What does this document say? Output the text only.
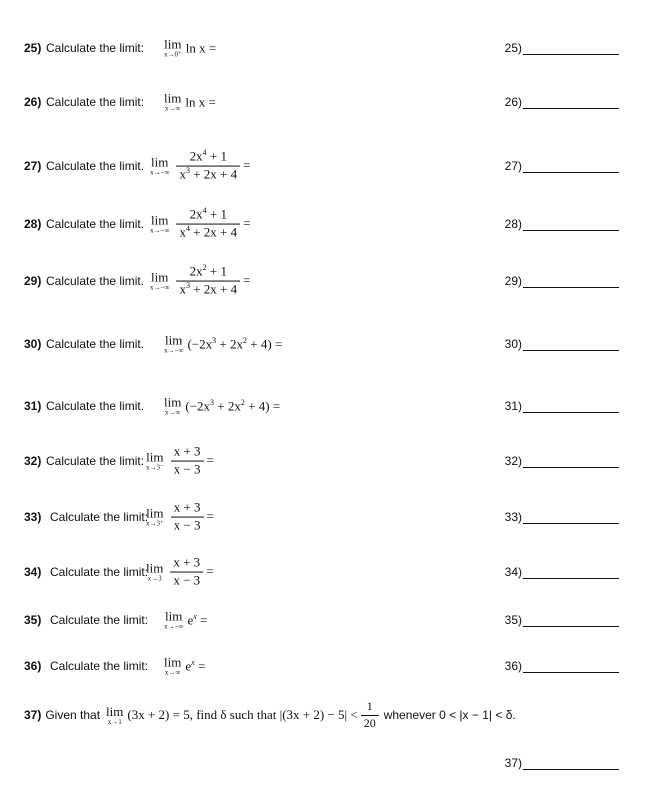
25) Calculate the limit: lim
x→0⁺ ln x =	25)
26) Calculate the limit: lim
x→∞ ln x =	26)
27) Calculate the limit. lim
$x\to-\infty \frac{2x^4 + 1}{x^3 + 2x + 4}$ =	27)
28) Calculate the limit. lim
$x\to-\infty \frac{2x^4 + 1}{x^4 + 2x + 4}$ =	28)
29) Calculate the limit. lim
$x\to-\infty \frac{2x^2 + 1}{x^3 + 2x + 4}$ =	29)
30) Calculate the limit. lim
x→−∞ $(-2x^3 + 2x^2 + 4)$ =	30)
31) Calculate the limit. lim
x→∞ $(-2x^3 + 2x^2 + 4)$ =	31)
32) Calculate the limit: lim
$x\to 3^- \frac{x + 3}{x - 3}$ =	32)
33) Calculate the limit:
lim
$x\to 3^+ \frac{x + 3}{x - 3}$ =	33)
34) Calculate the limit:
lim
$x\to 3 \frac{x + 3}{x - 3}$ =	34)
35) Calculate the limit: lim
x→−∞ $e^x$ =	35)
36) Calculate the limit: lim
x→∞ $e^x$ =	36)
37) Given that lim
x→1 (3x + 2) = 5, find δ such that $|(3x + 2) - 5| < \frac{1}{20}$ whenever 0 < |x − 1| < δ.
37)
